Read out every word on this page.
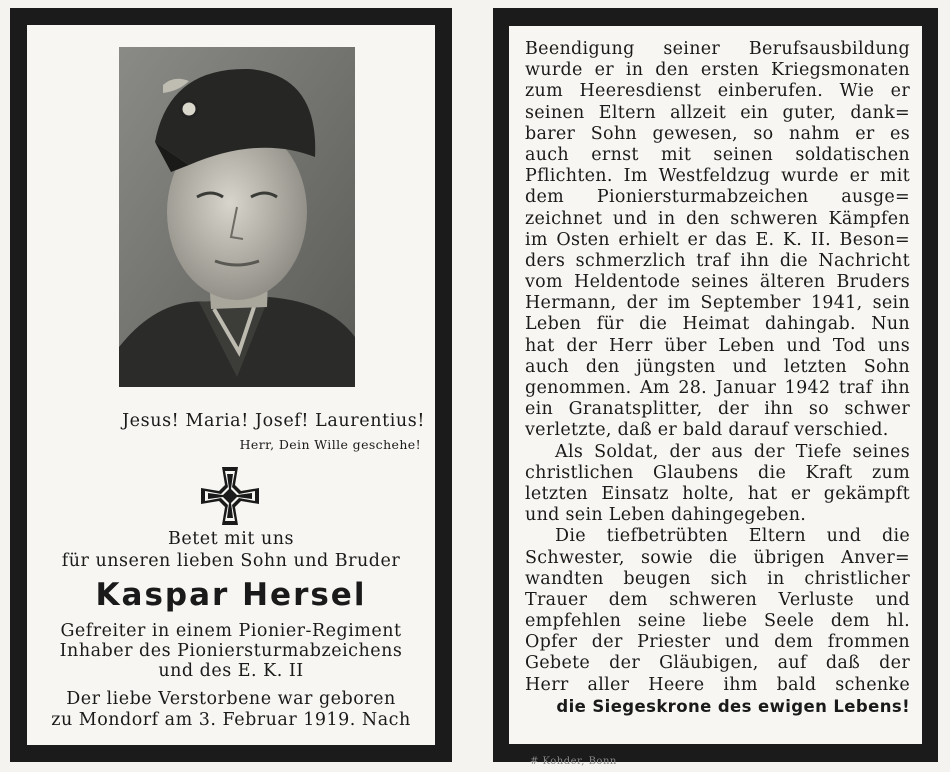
Jesus! Maria! Josef! Laurentius!
Herr, Dein Wille geschehe!
Betet mit uns
für unseren lieben Sohn und Bruder
Kaspar Hersel
Gefreiter in einem Pionier-Regiment
Inhaber des Pioniersturmabzeichens
und des E. K. II
Der liebe Verstorbene war geboren
zu Mondorf am 3. Februar 1919. Nach
Beendigung seiner Berufsausbildung
wurde er in den ersten Kriegsmonaten
zum Heeresdienst einberufen. Wie er
seinen Eltern allzeit ein guter, dank=
barer Sohn gewesen, so nahm er es
auch ernst mit seinen soldatischen
Pflichten. Im Westfeldzug wurde er mit
dem Pioniersturmabzeichen ausge=
zeichnet und in den schweren Kämpfen
im Osten erhielt er das E. K. II. Beson=
ders schmerzlich traf ihn die Nachricht
vom Heldentode seines älteren Bruders
Hermann, der im September 1941, sein
Leben für die Heimat dahingab. Nun
hat der Herr über Leben und Tod uns
auch den jüngsten und letzten Sohn
genommen. Am 28. Januar 1942 traf ihn
ein Granatsplitter, der ihn so schwer
verletzte, daß er bald darauf verschied.
Als Soldat, der aus der Tiefe seines
christlichen Glaubens die Kraft zum
letzten Einsatz holte, hat er gekämpft
und sein Leben dahingegeben.
Die tiefbetrübten Eltern und die
Schwester, sowie die übrigen Anver=
wandten beugen sich in christlicher
Trauer dem schweren Verluste und
empfehlen seine liebe Seele dem hl.
Opfer der Priester und dem frommen
Gebete der Gläubigen, auf daß der
Herr aller Heere ihm bald schenke
die Siegeskrone des ewigen Lebens!
# Kohder, Bonn
